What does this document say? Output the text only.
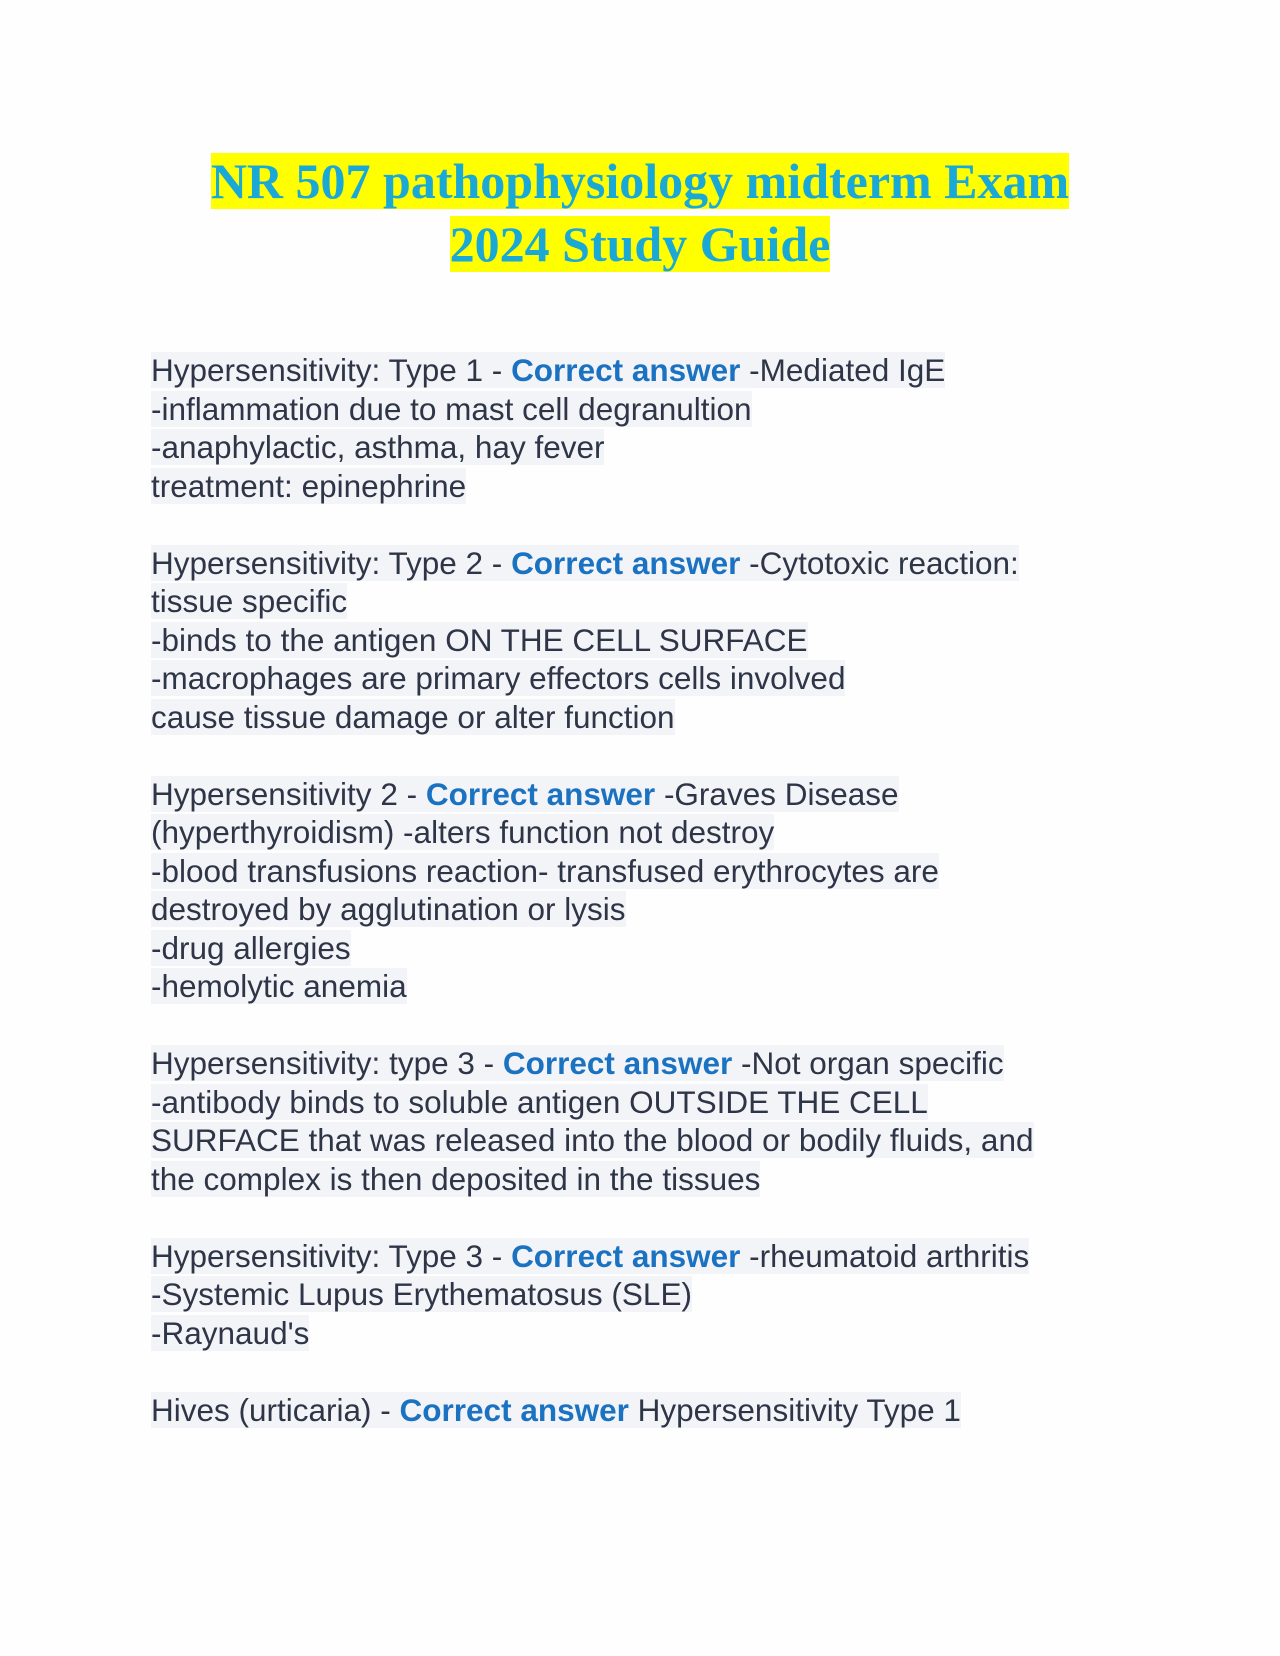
NR 507 pathophysiology midterm Exam
2024 Study Guide
Hypersensitivity: Type 1 - Correct answer -Mediated IgE
-inflammation due to mast cell degranultion
-anaphylactic, asthma, hay fever
treatment: epinephrine
Hypersensitivity: Type 2 - Correct answer -Cytotoxic reaction:
tissue specific
-binds to the antigen ON THE CELL SURFACE
-macrophages are primary effectors cells involved
cause tissue damage or alter function
Hypersensitivity 2 - Correct answer -Graves Disease
(hyperthyroidism) -alters function not destroy
-blood transfusions reaction- transfused erythrocytes are
destroyed by agglutination or lysis
-drug allergies
-hemolytic anemia
Hypersensitivity: type 3 - Correct answer -Not organ specific
-antibody binds to soluble antigen OUTSIDE THE CELL
SURFACE that was released into the blood or bodily fluids, and
the complex is then deposited in the tissues
Hypersensitivity: Type 3 - Correct answer -rheumatoid arthritis
-Systemic Lupus Erythematosus (SLE)
-Raynaud's
Hives (urticaria) - Correct answer Hypersensitivity Type 1
